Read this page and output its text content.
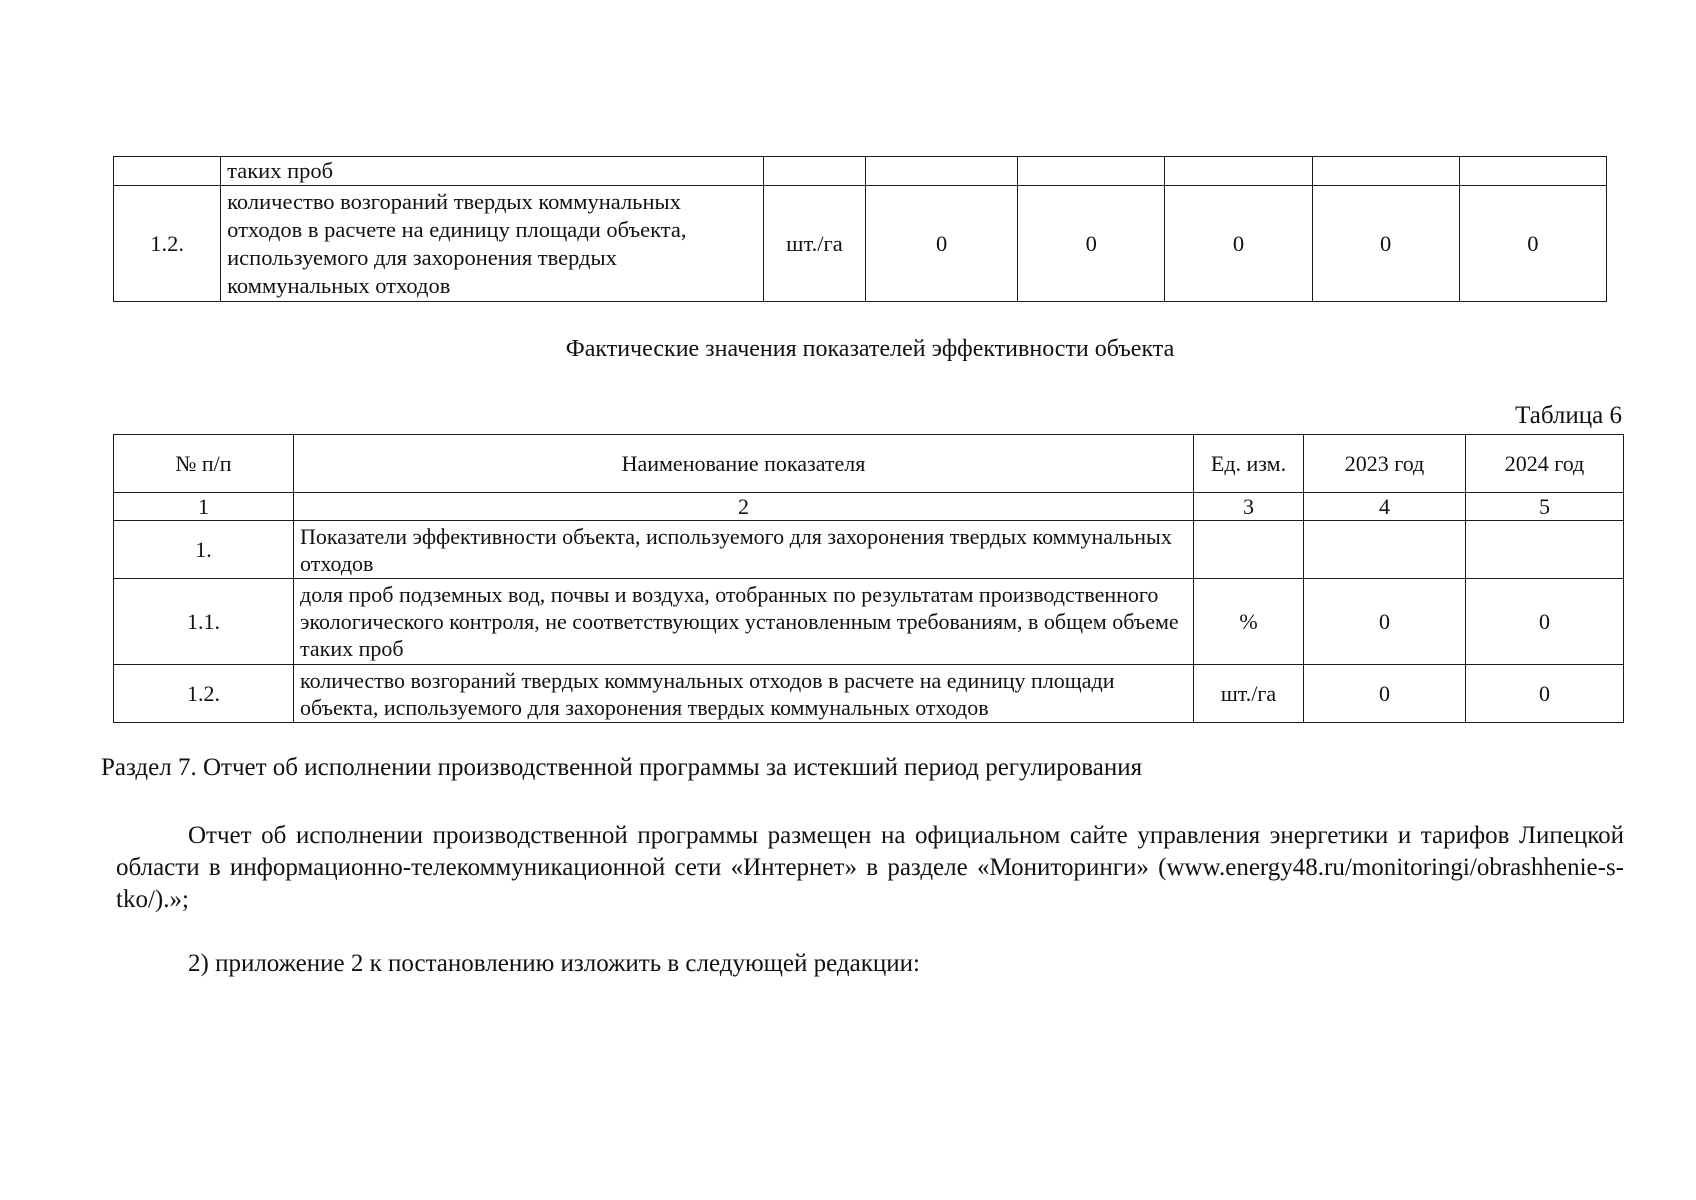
	таких проб						
1.2.	количество возгораний твердых коммунальных отходов в расчете на единицу площади объекта, используемого для захоронения твердых коммунальных отходов	шт./га	0	0	0	0	0
Фактические значения показателей эффективности объекта
Таблица 6
№ п/п	Наименование показателя	Ед. изм.	2023 год	2024 год
1	2	3	4	5
1.	Показатели эффективности объекта, используемого для захоронения твердых коммунальных отходов			
1.1.	доля проб подземных вод, почвы и воздуха, отобранных по результатам производственного экологического контроля, не соответствующих установленным требованиям, в общем объеме таких проб	%	0	0
1.2.	количество возгораний твердых коммунальных отходов в расчете на единицу площади объекта, используемого для захоронения твердых коммунальных отходов	шт./га	0	0
Раздел 7. Отчет об исполнении производственной программы за истекший период регулирования
Отчет об исполнении производственной программы размещен на официальном сайте управления энергетики и тарифов Липецкой области в информационно-телекоммуникационной сети «Интернет» в разделе «Мониторинги» (www.energy48.ru/monitoringi/obrashhenie-s-tko/).»;
2) приложение 2 к постановлению изложить в следующей редакции:
